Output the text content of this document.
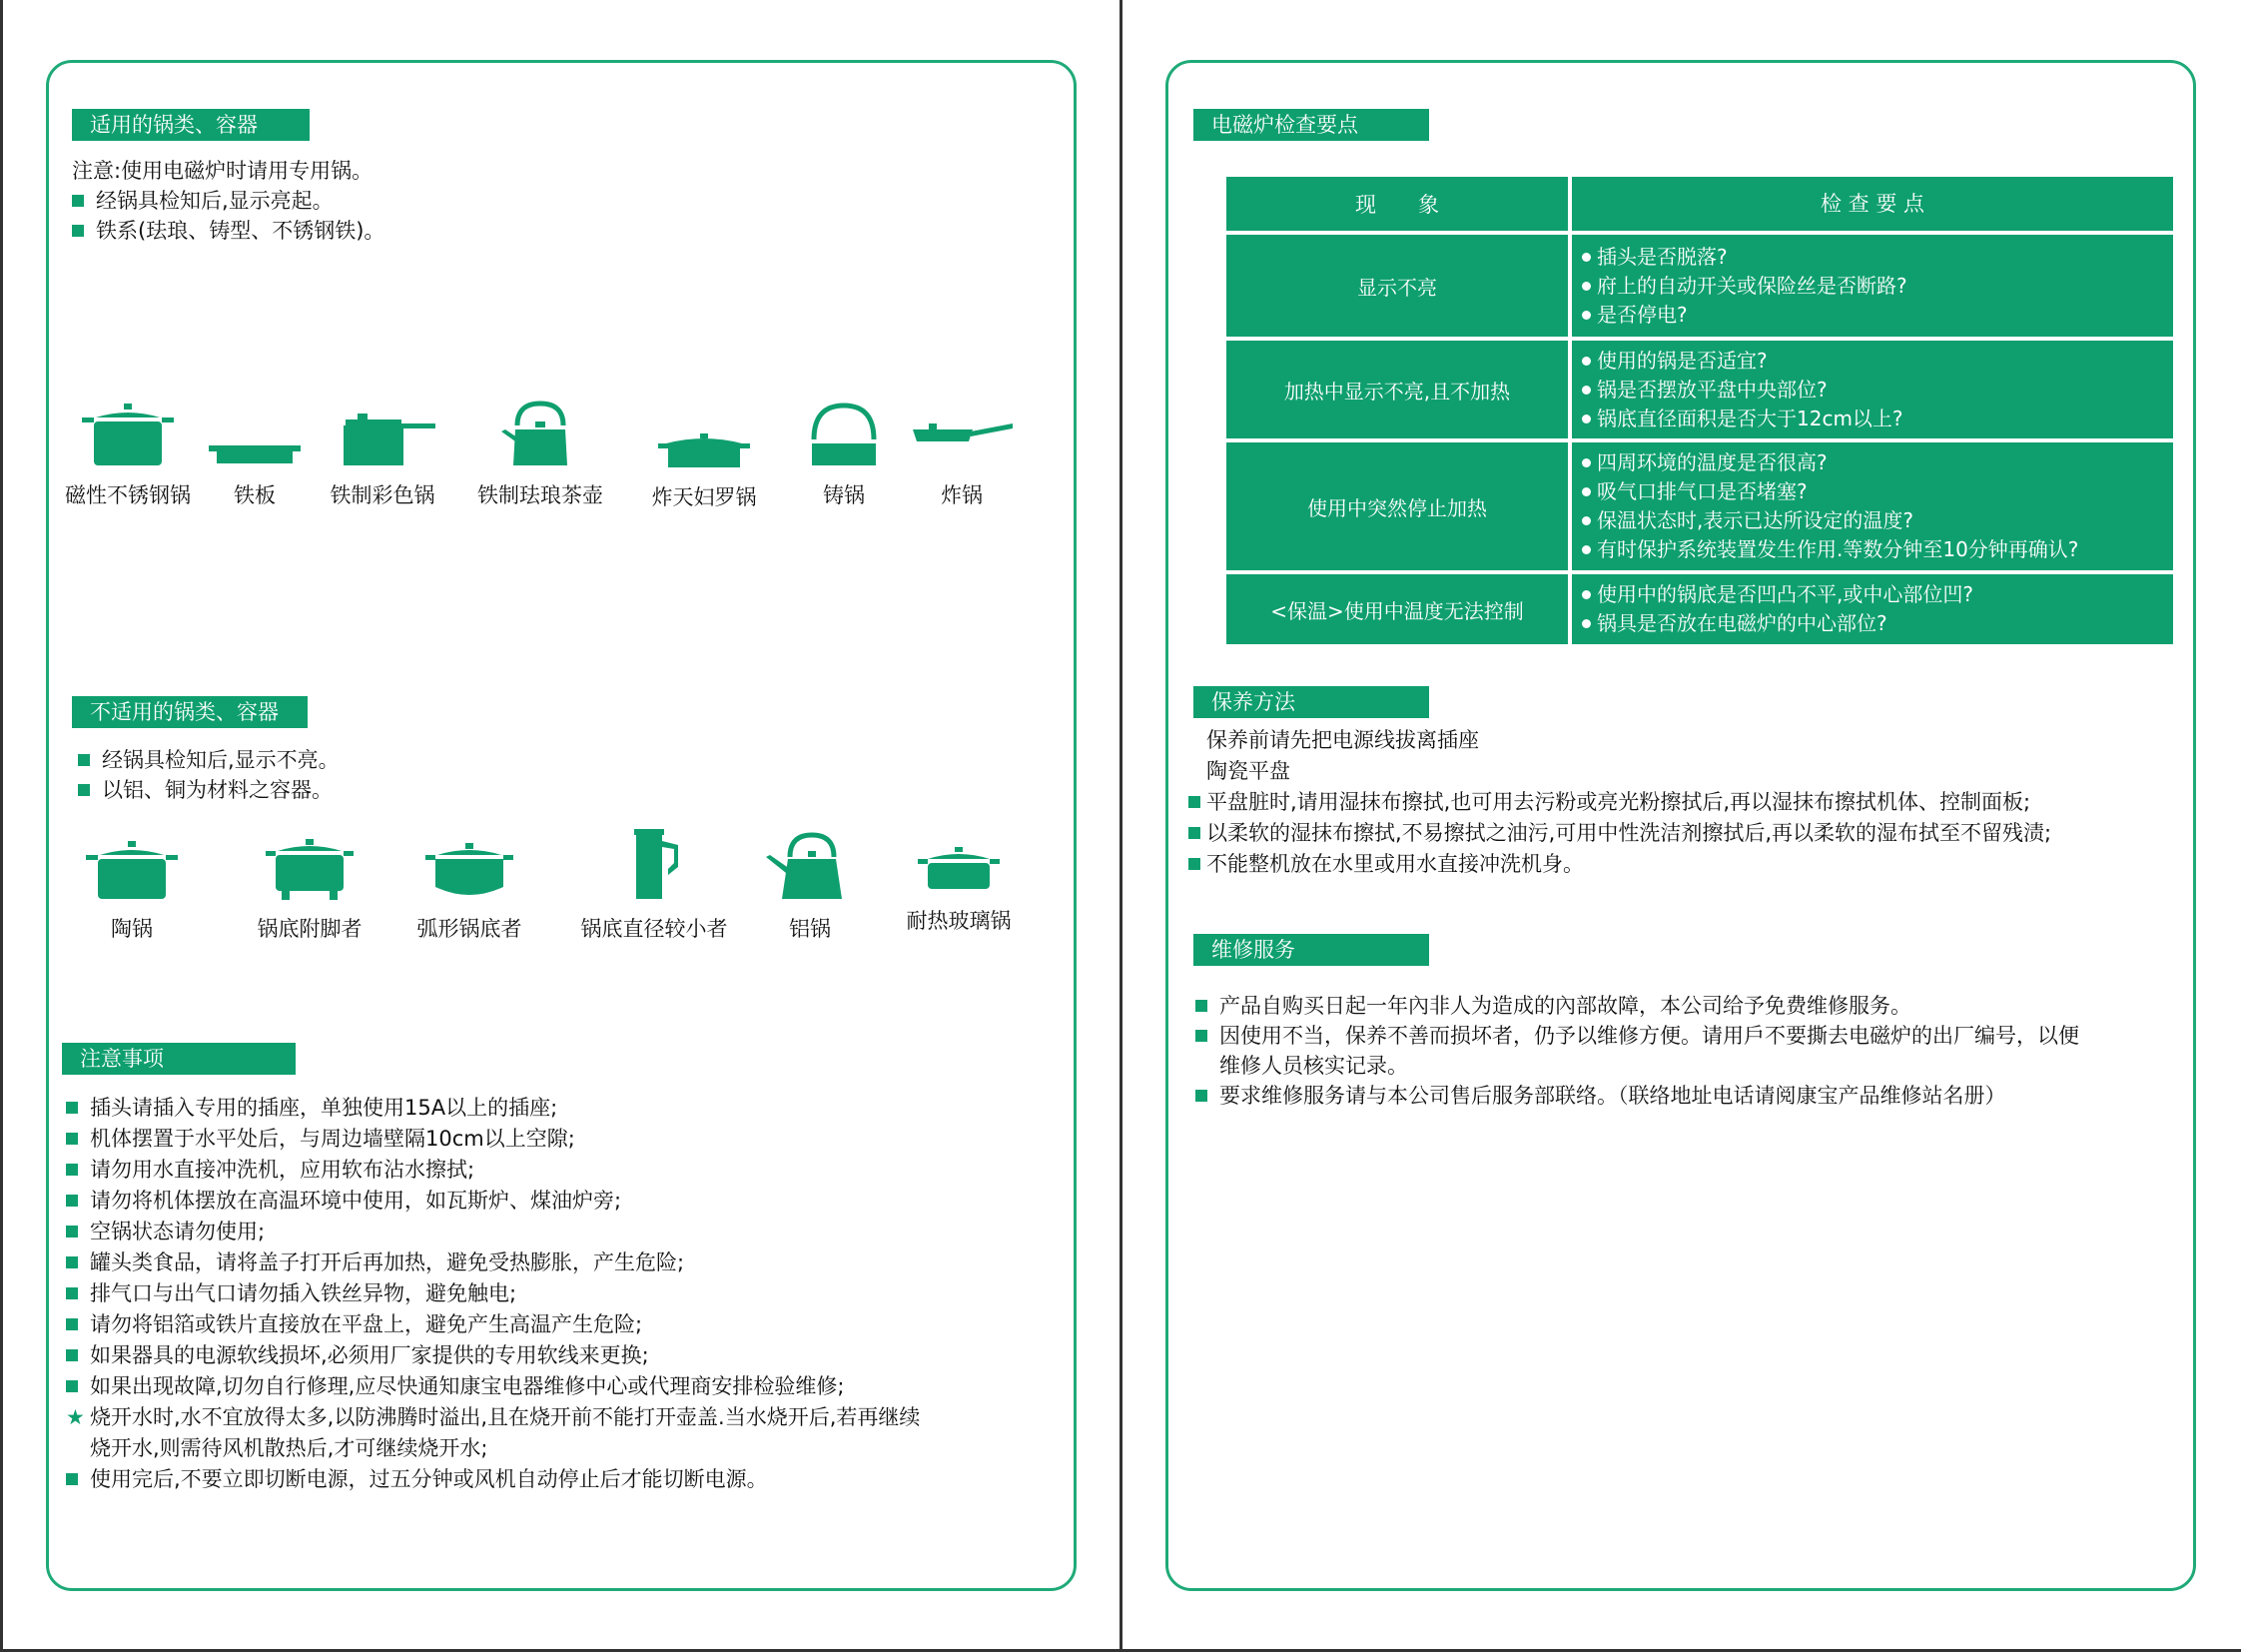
适用的锅类、容器
注意:使用电磁炉时请用专用锅。
经锅具检知后,显示亮起。
铁系(珐琅、铸型、不锈钢铁)。
磁性不锈钢锅	铁板	铁制彩色锅	铁制珐琅茶壶	炸天妇罗锅	铸锅	炸锅
不适用的锅类、容器
经锅具检知后,显示不亮。
以铝、铜为材料之容器。
陶锅	锅底附脚者	弧形锅底者	锅底直径较小者	铝锅	耐热玻璃锅
注意事项
插头请插入专用的插座，单独使用15A以上的插座;
机体摆置于水平处后，与周边墙壁隔10cm以上空隙;
请勿用水直接冲洗机，应用软布沾水擦拭;
请勿将机体摆放在高温环境中使用，如瓦斯炉、煤油炉旁;
空锅状态请勿使用;
罐头类食品，请将盖子打开后再加热，避免受热膨胀，产生危险;
排气口与出气口请勿插入铁丝异物，避免触电;
请勿将铝箔或铁片直接放在平盘上，避免产生高温产生危险;
如果器具的电源软线损坏,必须用厂家提供的专用软线来更换;
如果出现故障,切勿自行修理,应尽快通知康宝电器维修中心或代理商安排检验维修;
★ 烧开水时,水不宜放得太多,以防沸腾时溢出,且在烧开前不能打开壶盖.当水烧开后,若再继续
烧开水,则需待风机散热后,才可继续烧开水;
使用完后,不要立即切断电源，过五分钟或风机自动停止后才能切断电源。
电磁炉检查要点
现　　象	检 查 要 点
显示不亮	插头是否脱落?
府上的自动开关或保险丝是否断路?
是否停电?

加热中显示不亮,且不加热	使用的锅是否适宜?
锅是否摆放平盘中央部位?
锅底直径面积是否大于12cm以上?

使用中突然停止加热	四周环境的温度是否很高?
吸气口排气口是否堵塞?
保温状态时,表示已达所设定的温度?
有时保护系统装置发生作用.等数分钟至10分钟再确认?

<保温>使用中温度无法控制	使用中的锅底是否凹凸不平,或中心部位凹?
锅具是否放在电磁炉的中心部位?
保养方法
保养前请先把电源线拔离插座
陶瓷平盘
平盘脏时,请用湿抹布擦拭,也可用去污粉或亮光粉擦拭后,再以湿抹布擦拭机体、控制面板;
以柔软的湿抹布擦拭,不易擦拭之油污,可用中性洗洁剂擦拭后,再以柔软的湿布拭至不留残渍;
不能整机放在水里或用水直接冲洗机身。
维修服务
产品自购买日起一年內非人为造成的內部故障，本公司给予免费维修服务。
因使用不当，保养不善而损坏者，仍予以维修方便。请用戶不要撕去电磁炉的出厂编号，以便
维修人员核实记录。
要求维修服务请与本公司售后服务部联络。（联络地址电话请阅康宝产品维修站名册）
